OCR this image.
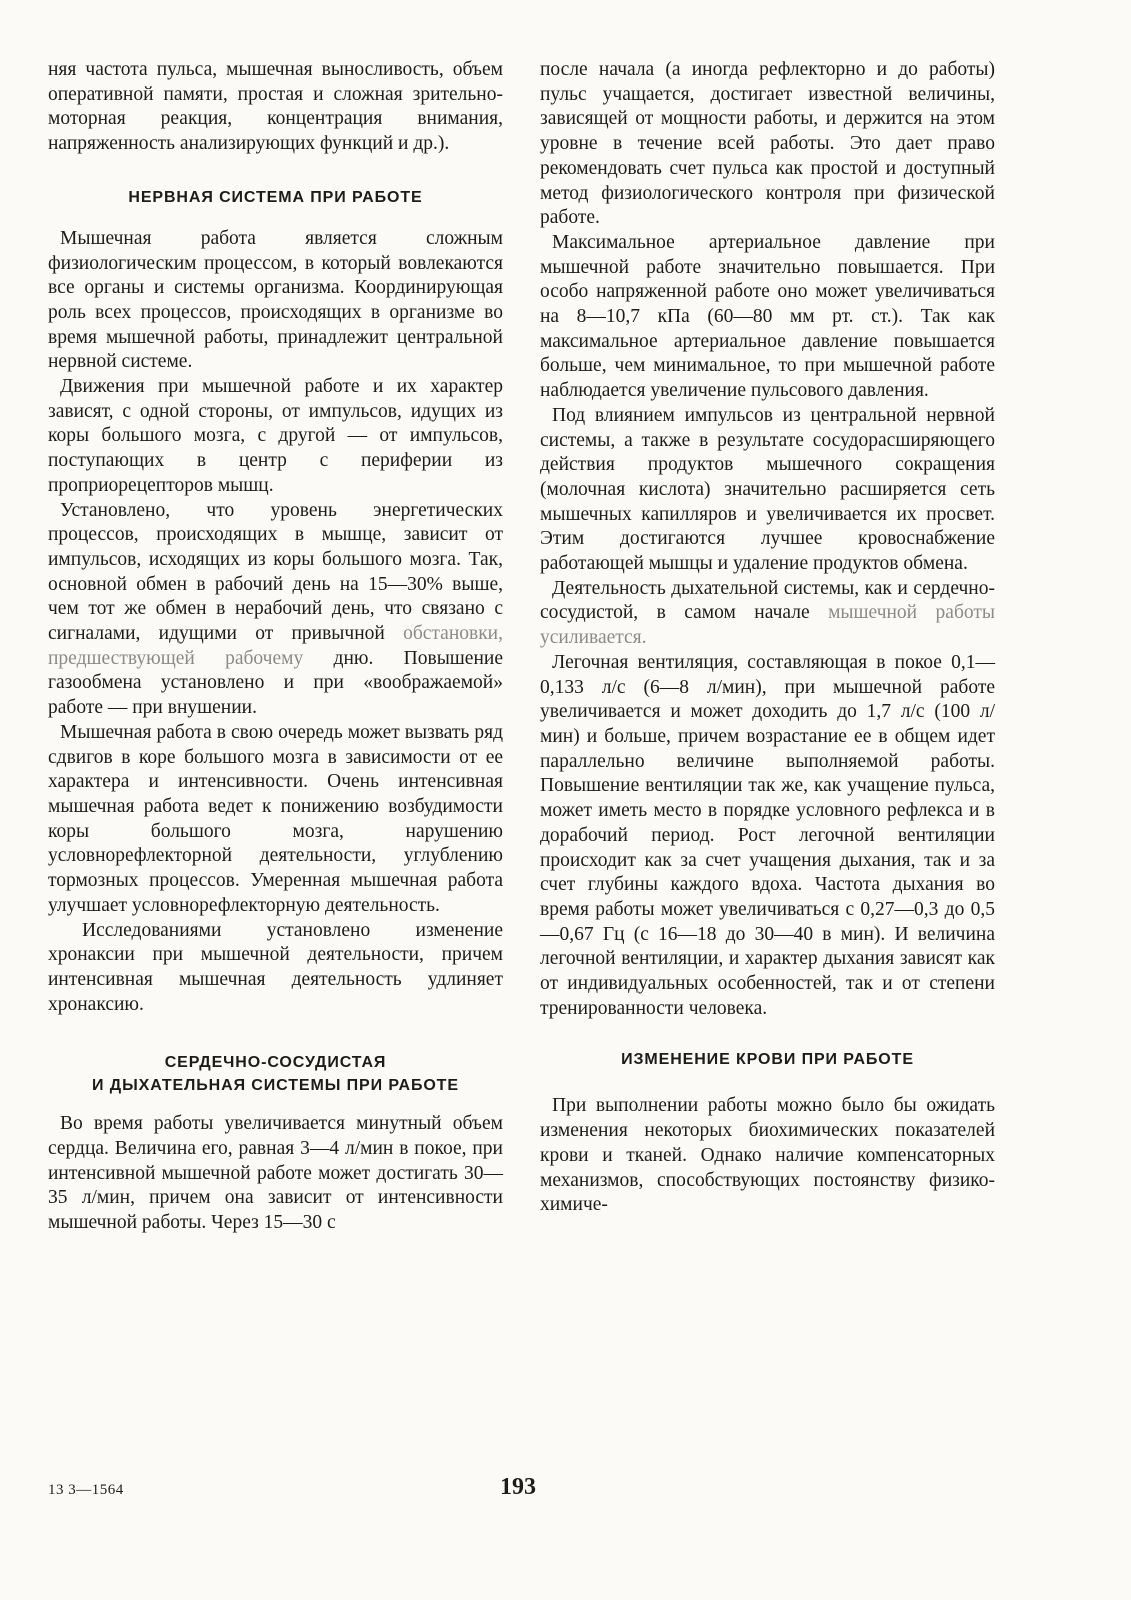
няя частота пульса, мышечная выносливость, объем оперативной памяти, простая и сложная зрительно-моторная реакция, концентрация внимания, напряженность анализирующих функций и др.).

НЕРВНАЯ СИСТЕМА ПРИ РАБОТЕ

Мышечная работа является сложным физиологическим процессом, в который вовлекаются все органы и системы организма. Координирующая роль всех процессов, происходящих в организме во время мышечной работы, принадлежит центральной нервной системе.

Движения при мышечной работе и их характер зависят, с одной стороны, от импульсов, идущих из коры большого мозга, с другой — от импульсов, поступающих в центр с периферии из проприорецепторов мышц.

Установлено, что уровень энергетических процессов, происходящих в мышце, зависит от импульсов, исходящих из коры большого мозга. Так, основной обмен в рабочий день на 15—30% выше, чем тот же обмен в нерабочий день, что связано с сигналами, идущими от привычной обстановки, предшествующей рабочему дню. Повышение газообмена установлено и при «воображаемой» работе — при внушении.

Мышечная работа в свою очередь может вызвать ряд сдвигов в коре большого мозга в зависимости от ее характера и интенсивности. Очень интенсивная мышечная работа ведет к понижению возбудимости коры большого мозга, нарушению условнорефлекторной деятельности, углублению тормозных процессов. Умеренная мышечная работа улучшает условнорефлекторную деятельность.

Исследованиями установлено изменение хронаксии при мышечной деятельности, причем интенсивная мышечная деятельность удлиняет хронаксию.

СЕРДЕЧНО-СОСУДИСТАЯ
И ДЫХАТЕЛЬНАЯ СИСТЕМЫ ПРИ РАБОТЕ

Во время работы увеличивается минутный объем сердца. Величина его, равная 3—4 л/мин в покое, при интенсивной мышечной работе может достигать 30—35 л/мин, причем она зависит от интенсивности мышечной работы. Через 15—30 с

после начала (а иногда рефлекторно и до работы) пульс учащается, достигает известной величины, зависящей от мощности работы, и держится на этом уровне в течение всей работы. Это дает право рекомендовать счет пульса как простой и доступный метод физиологического контроля при физической работе.

Максимальное артериальное давление при мышечной работе значительно повышается. При особо напряженной работе оно может увеличиваться на 8—10,7 кПа (60—80 мм рт. ст.). Так как максимальное артериальное давление повышается больше, чем минимальное, то при мышечной работе наблюдается увеличение пульсового давления.

Под влиянием импульсов из центральной нервной системы, а также в результате сосудорасширяющего действия продуктов мышечного сокращения (молочная кислота) значительно расширяется сеть мышечных капилляров и увеличивается их просвет. Этим достигаются лучшее кровоснабжение работающей мышцы и удаление продуктов обмена.

Деятельность дыхательной системы, как и сердечно-сосудистой, в самом начале мышечной работы усиливается.

Легочная вентиляция, составляющая в покое 0,1—0,133 л/с (6—8 л/мин), при мышечной работе увеличивается и может доходить до 1,7 л/с (100 л/мин) и больше, причем возрастание ее в общем идет параллельно величине выполняемой работы. Повышение вентиляции так же, как учащение пульса, может иметь место в порядке условного рефлекса и в дорабочий период. Рост легочной вентиляции происходит как за счет учащения дыхания, так и за счет глубины каждого вдоха. Частота дыхания во время работы может увеличиваться с 0,27—0,3 до 0,5—0,67 Гц (с 16—18 до 30—40 в мин). И величина легочной вентиляции, и характер дыхания зависят как от индивидуальных особенностей, так и от степени тренированности человека.

ИЗМЕНЕНИЕ КРОВИ ПРИ РАБОТЕ

При выполнении работы можно было бы ожидать изменения некоторых биохимических показателей крови и тканей. Однако наличие компенсаторных механизмов, способствующих постоянству физико-химиче-

13 3—1564	193
